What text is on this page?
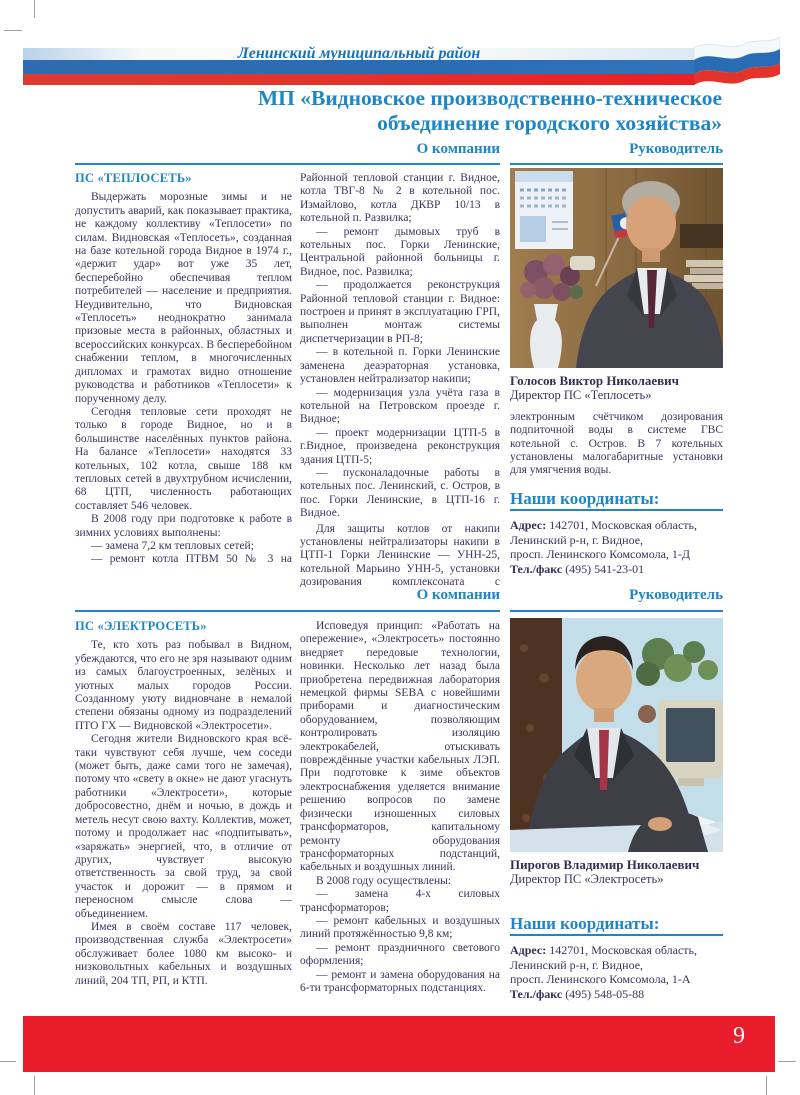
Ленинский муниципальный район
МП «Видновское производственно-техническое
объединение городского хозяйства»
О компании	Руководитель
ПС «ТЕПЛОСЕТЬ»

Выдержать морозные зимы и не допустить аварий, как показывает практика, не каждому коллективу «Теплосети» по силам. Видновская «Теплосеть», созданная на базе котельной города Видное в 1974 г., «держит удар» вот уже 35 лет, бесперебойно обеспечивая теплом потребителей — население и предприятия. Неудивительно, что Видновская «Теплосеть» неоднократно занимала призовые места в районных, областных и всероссийских конкурсах. В бесперебойном снабжении теплом, в многочисленных дипломах и грамотах видно отношение руководства и работников «Теплосети» к порученному делу.

Сегодня тепловые сети проходят не только в городе Видное, но и в большинстве населённых пунктов района. На балансе «Теплосети» находятся 33 котельных, 102 котла, свыше 188 км тепловых сетей в двухтрубном исчислении, 68 ЦТП, численность работающих составляет 546 человек.

В 2008 году при подготовке к работе в зимних условиях выполнены:

— замена 7,2 км тепловых сетей;

— ремонт котла ПТВМ 50 № 3 на

Районной тепловой станции г. Видное, котла ТВГ-8 № 2 в котельной пос. Измайлово, котла ДКВР 10/13 в котельной п. Развилка;

— ремонт дымовых труб в котельных пос. Горки Ленинские, Центральной районной больницы г. Видное, пос. Развилка;

— продолжается реконструкция Районной тепловой станции г. Видное: построен и принят в эксплуатацию ГРП, выполнен монтаж системы диспетчеризации в РП-8;

— в котельной п. Горки Ленинские заменена деаэраторная установка, установлен нейтрализатор накипи;

— модернизация узла учёта газа в котельной на Петровском проезде г. Видное;

— проект модернизации ЦТП-5 в г.Видное, произведена реконструкция здания ЦТП-5;

— пусконаладочные работы в котельных пос. Ленинский, с. Остров, в пос. Горки Ленинские, в ЦТП-16 г. Видное.

Для защиты котлов от накипи установлены нейтрализаторы накипи в ЦТП-1 Горки Ленинские — УНН-25, котельной Марьино УНН-5, установки дозирования комплексоната с

Голосов Виктор Николаевич
Директор ПС «Теплосеть»

электронным счётчиком дозирования подпиточной воды в системе ГВС котельной с. Остров. В 7 котельных установлены малогабаритные установки для умягчения воды.

Наши координаты:
Адрес: 142701, Московская область,
Ленинский р-н, г. Видное,
просп. Ленинского Комсомола, 1-Д
Тел./факс (495) 541-23-01
О компании	Руководитель
ПС «ЭЛЕКТРОСЕТЬ»

Те, кто хоть раз побывал в Видном, убеждаются, что его не зря называют одним из самых благоустроенных, зелёных и уютных малых городов России. Созданному уюту видновчане в немалой степени обязаны одному из подразделений ПТО ГХ — Видновской «Электросети».

Сегодня жители Видновского края всё-таки чувствуют себя лучше, чем соседи (может быть, даже сами того не замечая), потому что «свету в окне» не дают угаснуть работники «Электросети», которые добросовестно, днём и ночью, в дождь и метель несут свою вахту. Коллектив, может, потому и продолжает нас «подпитывать», «заряжать» энергией, что, в отличие от других, чувствует высокую ответственность за свой труд, за свой участок и дорожит — в прямом и переносном смысле слова — объединением.

Имея в своём составе 117 человек, производственная служба «Электросети» обслуживает более 1080 км высоко- и низковольтных кабельных и воздушных линий, 204 ТП, РП, и КТП.

Исповедуя принцип: «Работать на опережение», «Электросеть» постоянно внедряет передовые технологии, новинки. Несколько лет назад была приобретена передвижная лаборатория немецкой фирмы SEBA с новейшими приборами и диагностическим оборудованием, позволяющим контролировать изоляцию электрокабелей, отыскивать повреждённые участки кабельных ЛЭП. При подготовке к зиме объектов электроснабжения уделяется внимание решению вопросов по замене физически изношенных силовых трансформаторов, капитальному ремонту оборудования трансформаторных подстанций, кабельных и воздушных линий.

В 2008 году осуществлены:

— замена 4-х силовых трансформаторов;

— ремонт кабельных и воздушных линий протяжённостью 9,8 км;

— ремонт праздничного светового оформления;

— ремонт и замена оборудования на 6-ти трансформаторных подстанциях.

Пирогов Владимир Николаевич
Директор ПС «Электросеть»
Наши координаты:
Адрес: 142701, Московская область,
Ленинский р-н, г. Видное,
просп. Ленинского Комсомола, 1-А
Тел./факс (495) 548-05-88
9
